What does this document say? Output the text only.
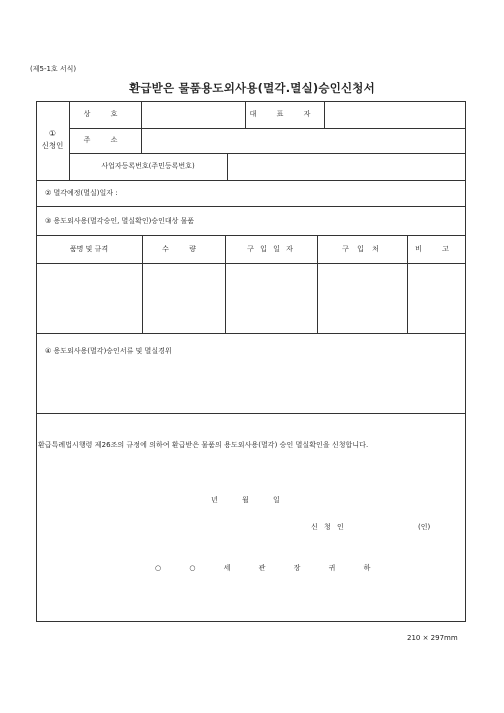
(제5-1호 서식)
환급받은 물품용도외사용(멸각.멸실)승인신청서
①
신청인
상 호	대 표 자
주 소
사업자등록번호(주민등록번호)
② 멸각예정(멸실)일자 :
③ 용도외사용(멸각승인, 멸실확인)승인대상 물품
품명 및 규격	수 량	구 입 일 자	구 입 처	비 고
④ 용도외사용(멸각)승인서류 및 멸실경위
환급특례법시행령 제26조의 규정에 의하여 환급받은 물품의 용도외사용(멸각) 승인 멸실확인을 신청합니다.
년 월 일
신 청 인	(인)
○ ○ 세 관 장 귀 하
210 × 297mm
